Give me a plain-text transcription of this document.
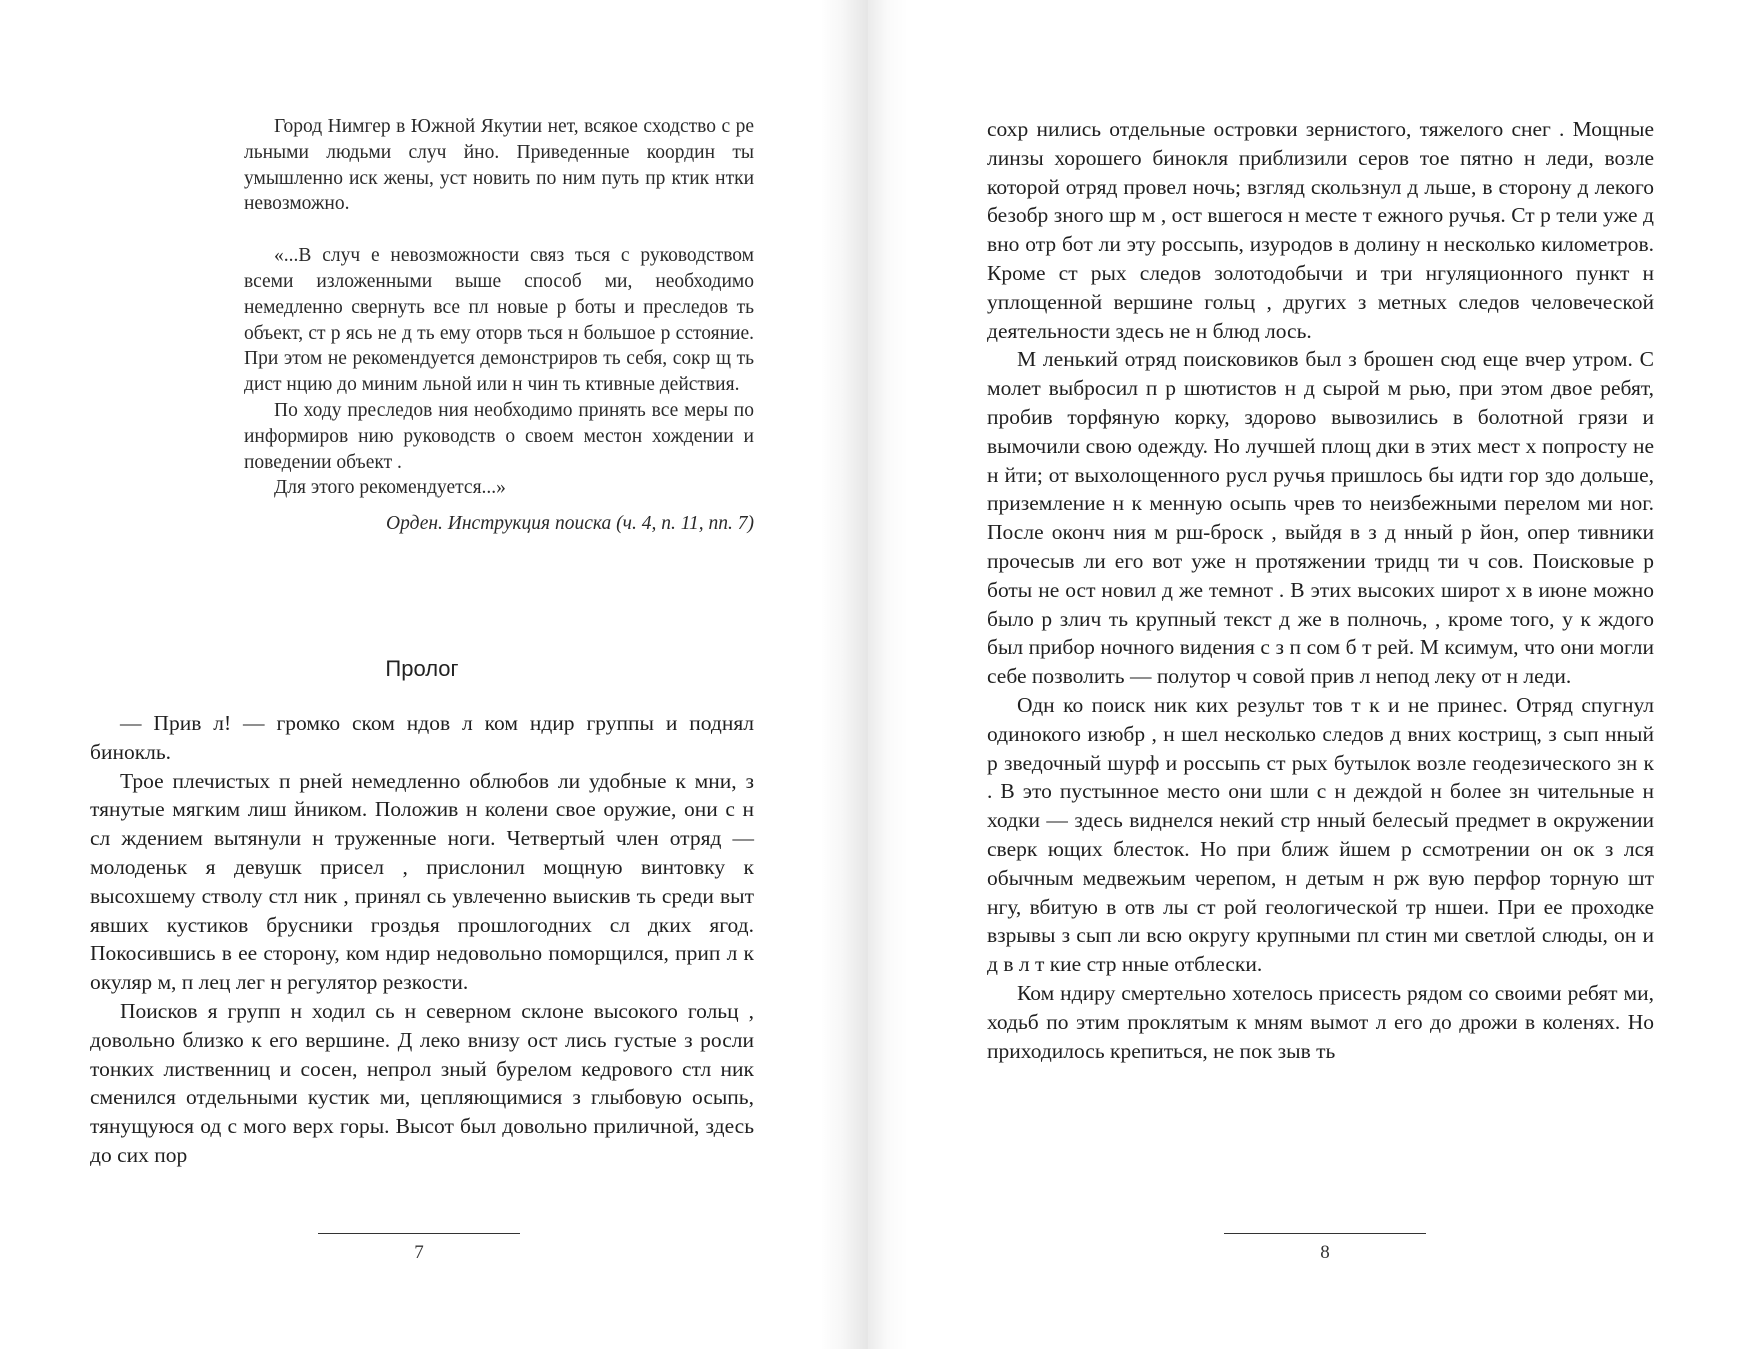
Город Нимгер в Южной Якутии нет, всякое сходство с ре льными людьми случ йно. Приведенные координ ты умышленно иск жены, уст новить по ним путь пр ктик нтки невозможно.

«...В случ е невозможности связ ться с руководством всеми изложенными выше способ ми, необходимо немедленно свернуть все пл новые р боты и преследов ть объект, ст р ясь не д ть ему оторв ться н большое р сстояние. При этом не рекомендуется демонстриров ть себя, сокр щ ть дист нцию до миним льной или н чин ть ктивные действия.

По ходу преследов ния необходимо принять все меры по информиров нию руководств о своем местон хождении и поведении объект .

Для этого рекомендуется...»

Орден. Инструкция поиска (ч. 4, п. 11, пп. 7)

Пролог

— Прив л! — громко ском ндов л ком ндир группы и поднял бинокль.

Трое плечистых п рней немедленно облюбов ли удобные к мни, з тянутые мягким лиш йником. Положив н колени свое оружие, они с н сл ждением вытянули н труженные ноги. Четвертый член отряд — молоденьк я девушк присел , прислонил мощную винтовку к высохшему стволу стл ник , принял сь увлеченно выискив ть среди выт явших кустиков брусники гроздья прошлогодних сл дких ягод. Покосившись в ее сторону, ком ндир недовольно поморщился, прип л к окуляр м, п лец лег н регулятор резкости.

Поисков я групп н ходил сь н северном склоне высокого гольц , довольно близко к его вершине. Д леко внизу ост лись густые з росли тонких лиственниц и сосен, непрол зный бурелом кедрового стл ник сменился отдельными кустик ми, цепляющимися з глыбовую осыпь, тянущуюся од с мого верх горы. Высот был довольно приличной, здесь до сих пор

7

сохр нились отдельные островки зернистого, тяжелого снег . Мощные линзы хорошего бинокля приблизили серов тое пятно н леди, возле которой отряд провел ночь; взгляд скользнул д льше, в сторону д лекого безобр зного шр м , ост вшегося н месте т ежного ручья. Ст р тели уже д вно отр бот ли эту россыпь, изуродов в долину н несколько километров. Кроме ст рых следов золотодобычи и три нгуляционного пункт н уплощенной вершине гольц , других з метных следов человеческой деятельности здесь не н блюд лось.

М ленький отряд поисковиков был з брошен сюд еще вчер утром. С молет выбросил п р шютистов н д сырой м рью, при этом двое ребят, пробив торфяную корку, здорово вывозились в болотной грязи и вымочили свою одежду. Но лучшей площ дки в этих мест х попросту не н йти; от выхолощенного русл ручья пришлось бы идти гор здо дольше, приземление н к менную осыпь чрев то неизбежными перелом ми ног. После оконч ния м рш-броск , выйдя в з д нный р йон, опер тивники прочесыв ли его вот уже н протяжении тридц ти ч сов. Поисковые р боты не ост новил д же темнот . В этих высоких широт х в июне можно было р злич ть крупный текст д же в полночь, , кроме того, у к ждого был прибор ночного видения с з п сом б т рей. М ксимум, что они могли себе позволить — полутор ч совой прив л непод леку от н леди.

Одн ко поиск ник ких результ тов т к и не принес. Отряд спугнул одинокого изюбр , н шел несколько следов д вних кострищ, з сып нный р зведочный шурф и россыпь ст рых бутылок возле геодезического зн к . В это пустынное место они шли с н деждой н более зн чительные н ходки — здесь виднелся некий стр нный белесый предмет в окружении сверк ющих блесток. Но при ближ йшем р ссмотрении он ок з лся обычным медвежьим черепом, н детым н рж вую перфор торную шт нгу, вбитую в отв лы ст рой геологической тр ншеи. При ее проходке взрывы з сып ли всю округу крупными пл стин ми светлой слюды, он и д в л т кие стр нные отблески.

Ком ндиру смертельно хотелось присесть рядом со своими ребят ми, ходьб по этим проклятым к мням вымот л его до дрожи в коленях. Но приходилось крепиться, не пок зыв ть

8
